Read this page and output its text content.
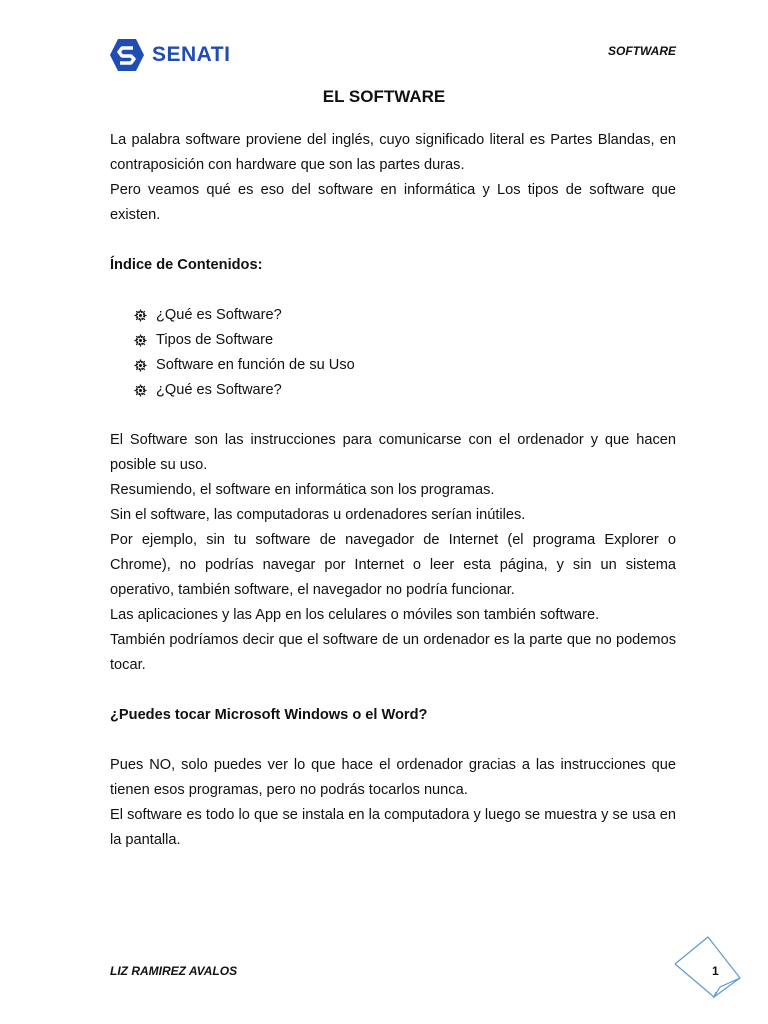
SENATI	SOFTWARE
EL SOFTWARE

La palabra software proviene del inglés, cuyo significado literal es Partes Blandas, en contraposición con hardware que son las partes duras.

Pero veamos qué es eso del software en informática y Los tipos de software que existen.

Índice de Contenidos:

¿Qué es Software?
Tipos de Software
Software en función de su Uso
¿Qué es Software?

El Software son las instrucciones para comunicarse con el ordenador y que hacen posible su uso.

Resumiendo, el software en informática son los programas.

Sin el software, las computadoras u ordenadores serían inútiles.

Por ejemplo, sin tu software de navegador de Internet (el programa Explorer o Chrome), no podrías navegar por Internet o leer esta página, y sin un sistema operativo, también software, el navegador no podría funcionar.

Las aplicaciones y las App en los celulares o móviles son también software.

También podríamos decir que el software de un ordenador es la parte que no podemos tocar.

¿Puedes tocar Microsoft Windows o el Word?

Pues NO, solo puedes ver lo que hace el ordenador gracias a las instrucciones que tienen esos programas, pero no podrás tocarlos nunca.

El software es todo lo que se instala en la computadora y luego se muestra y se usa en la pantalla.

LIZ RAMIREZ AVALOS	1
